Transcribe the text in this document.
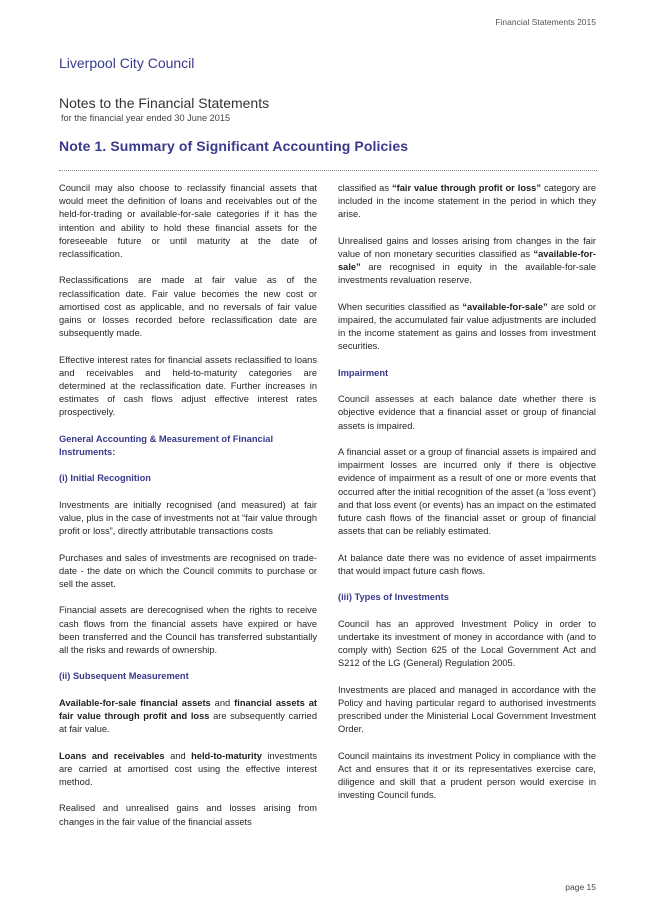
Financial Statements 2015
Liverpool City Council
Notes to the Financial Statements
for the financial year ended 30 June 2015
Note 1. Summary of Significant Accounting Policies

Council may also choose to reclassify financial assets that would meet the definition of loans and receivables out of the held-for-trading or available-for-sale categories if it has the intention and ability to hold these financial assets for the foreseeable future or until maturity at the date of reclassification.

Reclassifications are made at fair value as of the reclassification date. Fair value becomes the new cost or amortised cost as applicable, and no reversals of fair value gains or losses recorded before reclassification date are subsequently made.

Effective interest rates for financial assets reclassified to loans and receivables and held-to-maturity categories are determined at the reclassification date. Further increases in estimates of cash flows adjust effective interest rates prospectively.

General Accounting & Measurement of Financial Instruments:
(i) Initial Recognition

Investments are initially recognised (and measured) at fair value, plus in the case of investments not at “fair value through profit or loss”, directly attributable transactions costs

Purchases and sales of investments are recognised on trade-date - the date on which the Council commits to purchase or sell the asset.

Financial assets are derecognised when the rights to receive cash flows from the financial assets have expired or have been transferred and the Council has transferred substantially all the risks and rewards of ownership.

(ii) Subsequent Measurement

Available-for-sale financial assets and financial assets at fair value through profit and loss are subsequently carried at fair value.

Loans and receivables and held-to-maturity investments are carried at amortised cost using the effective interest method.

Realised and unrealised gains and losses arising from changes in the fair value of the financial assets

classified as “fair value through profit or loss” category are included in the income statement in the period in which they arise.

Unrealised gains and losses arising from changes in the fair value of non monetary securities classified as “available-for-sale” are recognised in equity in the available-for-sale investments revaluation reserve.

When securities classified as “available-for-sale” are sold or impaired, the accumulated fair value adjustments are included in the income statement as gains and losses from investment securities.

Impairment

Council assesses at each balance date whether there is objective evidence that a financial asset or group of financial assets is impaired.

A financial asset or a group of financial assets is impaired and impairment losses are incurred only if there is objective evidence of impairment as a result of one or more events that occurred after the initial recognition of the asset (a ‘loss event’) and that loss event (or events) has an impact on the estimated future cash flows of the financial asset or group of financial assets that can be reliably estimated.

At balance date there was no evidence of asset impairments that would impact future cash flows.

(iii) Types of Investments

Council has an approved Investment Policy in order to undertake its investment of money in accordance with (and to comply with) Section 625 of the Local Government Act and S212 of the LG (General) Regulation 2005.

Investments are placed and managed in accordance with the Policy and having particular regard to authorised investments prescribed under the Ministerial Local Government Investment Order.

Council maintains its investment Policy in compliance with the Act and ensures that it or its representatives exercise care, diligence and skill that a prudent person would exercise in investing Council funds.

page 15
